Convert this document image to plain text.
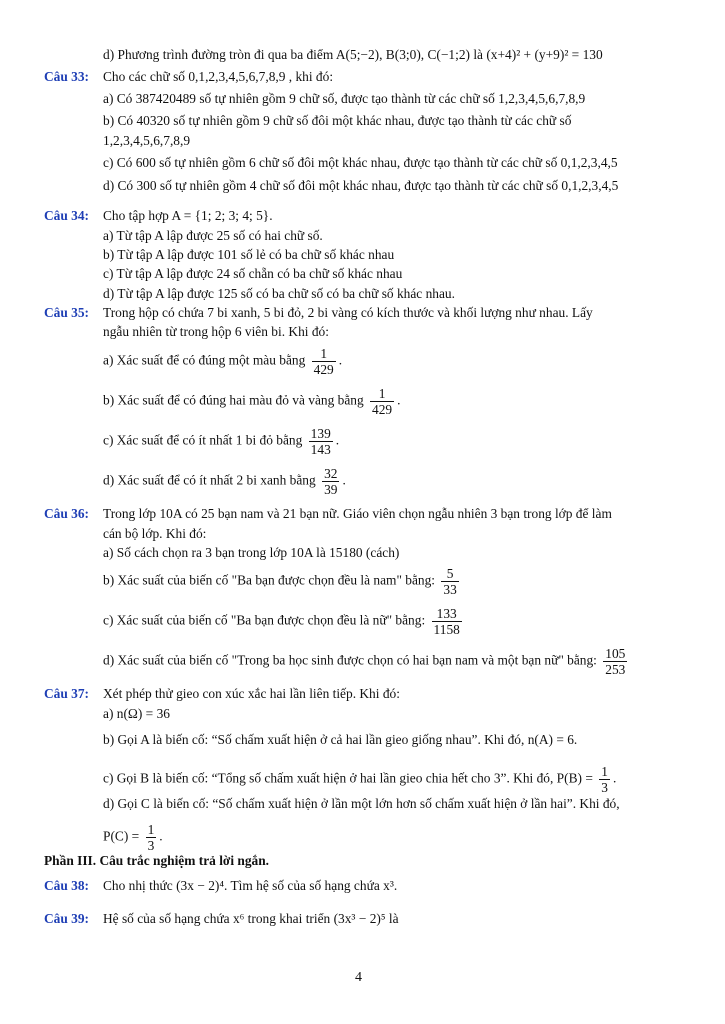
d) Phương trình đường tròn đi qua ba điểm A(5;−2), B(3;0), C(−1;2) là (x+4)² + (y+9)² = 130
Câu 33: Cho các chữ số 0,1,2,3,4,5,6,7,8,9 , khi đó:
a) Có 387420489 số tự nhiên gồm 9 chữ số, được tạo thành từ các chữ số 1,2,3,4,5,6,7,8,9
b) Có 40320 số tự nhiên gồm 9 chữ số đôi một khác nhau, được tạo thành từ các chữ số
1,2,3,4,5,6,7,8,9
c) Có 600 số tự nhiên gồm 6 chữ số đôi một khác nhau, được tạo thành từ các chữ số 0,1,2,3,4,5
d) Có 300 số tự nhiên gồm 4 chữ số đôi một khác nhau, được tạo thành từ các chữ số 0,1,2,3,4,5
Câu 34: Cho tập hợp A = {1; 2; 3; 4; 5}.
a) Từ tập A lập được 25 số có hai chữ số.
b) Từ tập A lập được 101 số lẻ có ba chữ số khác nhau
c) Từ tập A lập được 24 số chẵn có ba chữ số khác nhau
d) Từ tập A lập được 125 số có ba chữ số có ba chữ số khác nhau.
Câu 35: Trong hộp có chứa 7 bi xanh, 5 bi đỏ, 2 bi vàng có kích thước và khối lượng như nhau. Lấy
ngẫu nhiên từ trong hộp 6 viên bi. Khi đó:
a) Xác suất để có đúng một màu bằng $\frac{1}{429}$ .
b) Xác suất để có đúng hai màu đỏ và vàng bằng $\frac{1}{429}$ .
c) Xác suất để có ít nhất 1 bi đỏ bằng $\frac{139}{143}$ .
d) Xác suất để có ít nhất 2 bi xanh bằng $\frac{32}{39}$ .
Câu 36: Trong lớp 10A có 25 bạn nam và 21 bạn nữ. Giáo viên chọn ngẫu nhiên 3 bạn trong lớp để làm
cán bộ lớp. Khi đó:
a) Số cách chọn ra 3 bạn trong lớp 10A là 15180 (cách)
b) Xác suất của biến cố "Ba bạn được chọn đều là nam" bằng: $\frac{5}{33}$
c) Xác suất của biến cố "Ba bạn được chọn đều là nữ" bằng: $\frac{133}{1158}$
d) Xác suất của biến cố "Trong ba học sinh được chọn có hai bạn nam và một bạn nữ" bằng: $\frac{105}{253}$
Câu 37: Xét phép thử gieo con xúc xắc hai lần liên tiếp. Khi đó:
a) n(Ω) = 36
b) Gọi A là biến cố: “Số chấm xuất hiện ở cả hai lần gieo giống nhau”. Khi đó, n(A) = 6.
c) Gọi B là biến cố: “Tổng số chấm xuất hiện ở hai lần gieo chia hết cho 3”. Khi đó, $P(B) = \frac{1}{3}$ .
d) Gọi C là biến cố: “Số chấm xuất hiện ở lần một lớn hơn số chấm xuất hiện ở lần hai”. Khi đó,
$P(C) = \frac{1}{3}$ .
Phần III. Câu trắc nghiệm trả lời ngắn.
Câu 38: Cho nhị thức (3x − 2)⁴. Tìm hệ số của số hạng chứa x³.
Câu 39: Hệ số của số hạng chứa x⁶ trong khai triển (3x³ − 2)⁵ là
4
